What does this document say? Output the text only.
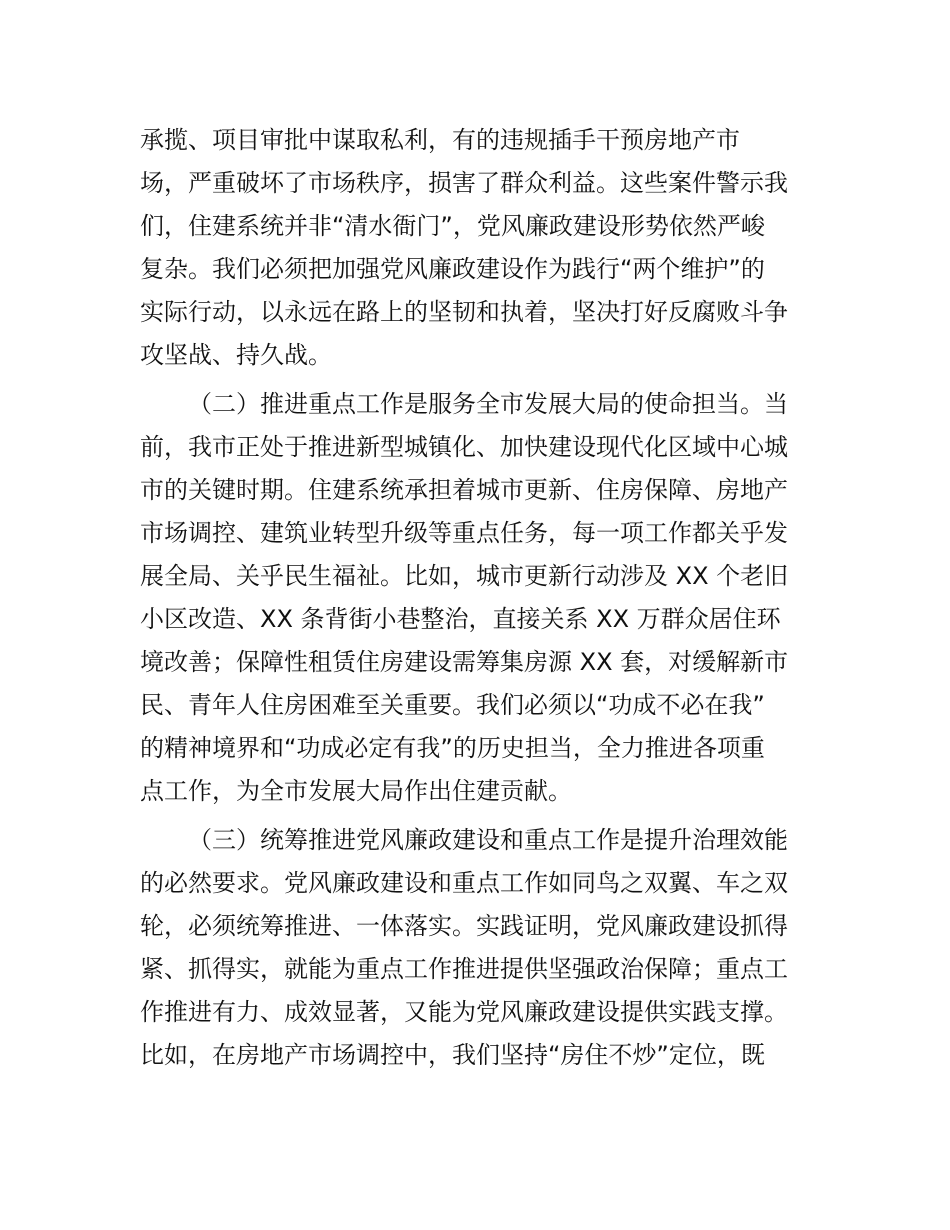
承揽、项目审批中谋取私利，有的违规插手干预房地产市
场，严重破坏了市场秩序，损害了群众利益。这些案件警示我
们，住建系统并非“清水衙门”，党风廉政建设形势依然严峻
复杂。我们必须把加强党风廉政建设作为践行“两个维护”的
实际行动，以永远在路上的坚韧和执着，坚决打好反腐败斗争
攻坚战、持久战。
（二）推进重点工作是服务全市发展大局的使命担当。当
前，我市正处于推进新型城镇化、加快建设现代化区域中心城
市的关键时期。住建系统承担着城市更新、住房保障、房地产
市场调控、建筑业转型升级等重点任务，每一项工作都关乎发
展全局、关乎民生福祉。比如，城市更新行动涉及 XX 个老旧
小区改造、XX 条背街小巷整治，直接关系 XX 万群众居住环
境改善；保障性租赁住房建设需筹集房源 XX 套，对缓解新市
民、青年人住房困难至关重要。我们必须以“功成不必在我”
的精神境界和“功成必定有我”的历史担当，全力推进各项重
点工作，为全市发展大局作出住建贡献。
（三）统筹推进党风廉政建设和重点工作是提升治理效能
的必然要求。党风廉政建设和重点工作如同鸟之双翼、车之双
轮，必须统筹推进、一体落实。实践证明，党风廉政建设抓得
紧、抓得实，就能为重点工作推进提供坚强政治保障；重点工
作推进有力、成效显著，又能为党风廉政建设提供实践支撑。
比如，在房地产市场调控中，我们坚持“房住不炒”定位，既
